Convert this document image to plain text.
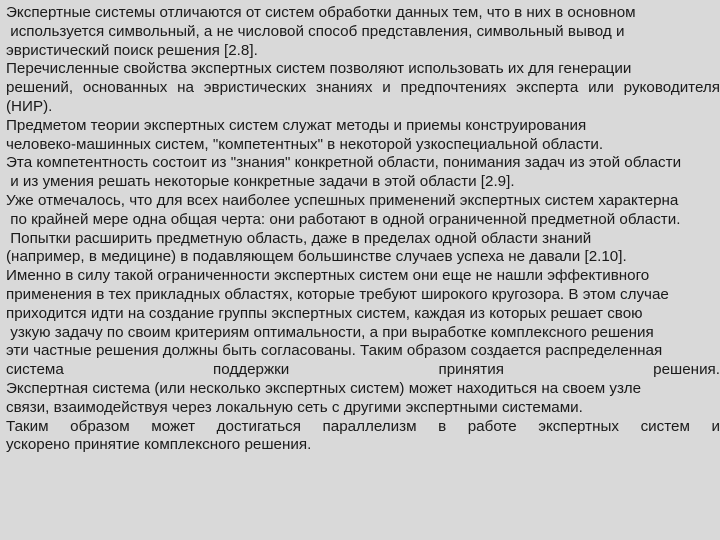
Экспертные системы отличаются от систем обработки данных тем, что в них в основном
используется символьный, а не числовой способ представления, символьный вывод и
эвристический поиск решения [2.8].
Перечисленные свойства экспертных систем позволяют использовать их для генерации
решений, основанных на эвристических знаниях и предпочтениях эксперта или руководителя
(НИР).
Предметом теории экспертных систем служат методы и приемы конструирования
человеко-машинных систем, "компетентных" в некоторой узкоспециальной области.
Эта компетентность состоит из "знания" конкретной области, понимания задач из этой области
и из умения решать некоторые конкретные задачи в этой области [2.9].
Уже отмечалось, что для всех наиболее успешных применений экспертных систем характерна
по крайней мере одна общая черта: они работают в одной ограниченной предметной области.
Попытки расширить предметную область, даже в пределах одной области знаний
(например, в медицине) в подавляющем большинстве случаев успеха не давали [2.10].
Именно в силу такой ограниченности экспертных систем они еще не нашли эффективного
применения в тех прикладных областях, которые требуют широкого кругозора. В этом случае
приходится идти на создание группы экспертных систем, каждая из которых решает свою
узкую задачу по своим критериям оптимальности, а при выработке комплексного решения
эти частные решения должны быть согласованы. Таким образом создается распределенная
система поддержки принятия решения.
Экспертная система (или несколько экспертных систем) может находиться на своем узле
связи, взаимодействуя через локальную сеть с другими экспертными системами.
Таким образом может достигаться параллелизм в работе экспертных систем и
ускорено принятие комплексного решения.
